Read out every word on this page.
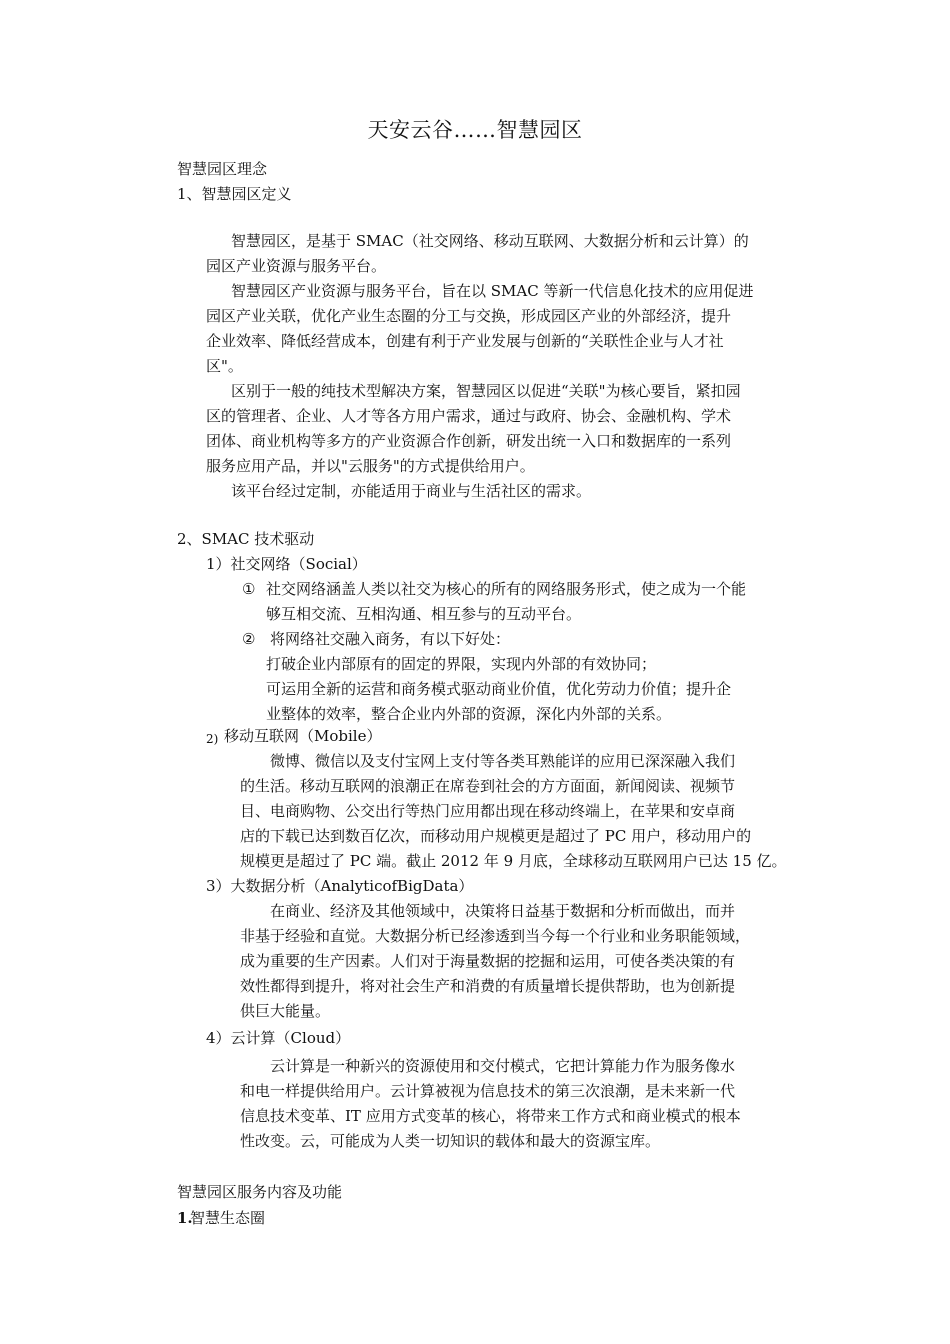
天安云谷……智慧园区
智慧园区理念
1、智慧园区定义
智慧园区，是基于 SMAC（社交网络、移动互联网、大数据分析和云计算）的
园区产业资源与服务平台。
智慧园区产业资源与服务平台，旨在以 SMAC 等新一代信息化技术的应用促进
园区产业关联，优化产业生态圈的分工与交换，形成园区产业的外部经济，提升
企业效率、降低经营成本，创建有利于产业发展与创新的“关联性企业与人才社
区"。
区别于一般的纯技术型解决方案，智慧园区以促进“关联"为核心要旨，紧扣园
区的管理者、企业、人才等各方用户需求，通过与政府、协会、金融机构、学术
团体、商业机构等多方的产业资源合作创新，研发出统一入口和数据库的一系列
服务应用产品，并以"云服务"的方式提供给用户。
该平台经过定制，亦能适用于商业与生活社区的需求。
2、SMAC 技术驱动
1）社交网络（Social）
① 社交网络涵盖人类以社交为核心的所有的网络服务形式，使之成为一个能
够互相交流、互相沟通、相互参与的互动平台。
② 将网络社交融入商务，有以下好处：
打破企业内部原有的固定的界限，实现内外部的有效协同；
可运用全新的运营和商务模式驱动商业价值，优化劳动力价值；提升企
业整体的效率，整合企业内外部的资源，深化内外部的关系。
2) 移动互联网（Mobile）
微博、微信以及支付宝网上支付等各类耳熟能详的应用已深深融入我们
的生活。移动互联网的浪潮正在席卷到社会的方方面面，新闻阅读、视频节
目、电商购物、公交出行等热门应用都出现在移动终端上，在苹果和安卓商
店的下载已达到数百亿次，而移动用户规模更是超过了 PC 用户，移动用户的
规模更是超过了 PC 端。截止 2012 年 9 月底，全球移动互联网用户已达 15 亿。
3）大数据分析（AnalyticofBigData）
在商业、经济及其他领域中，决策将日益基于数据和分析而做出，而并
非基于经验和直觉。大数据分析已经渗透到当今每一个行业和业务职能领域，
成为重要的生产因素。人们对于海量数据的挖掘和运用，可使各类决策的有
效性都得到提升，将对社会生产和消费的有质量增长提供帮助，也为创新提
供巨大能量。
4）云计算（Cloud）
云计算是一种新兴的资源使用和交付模式，它把计算能力作为服务像水
和电一样提供给用户。云计算被视为信息技术的第三次浪潮，是未来新一代
信息技术变革、IT 应用方式变革的核心，将带来工作方式和商业模式的根本
性改变。云，可能成为人类一切知识的载体和最大的资源宝库。
智慧园区服务内容及功能
1.
智慧生态圈
